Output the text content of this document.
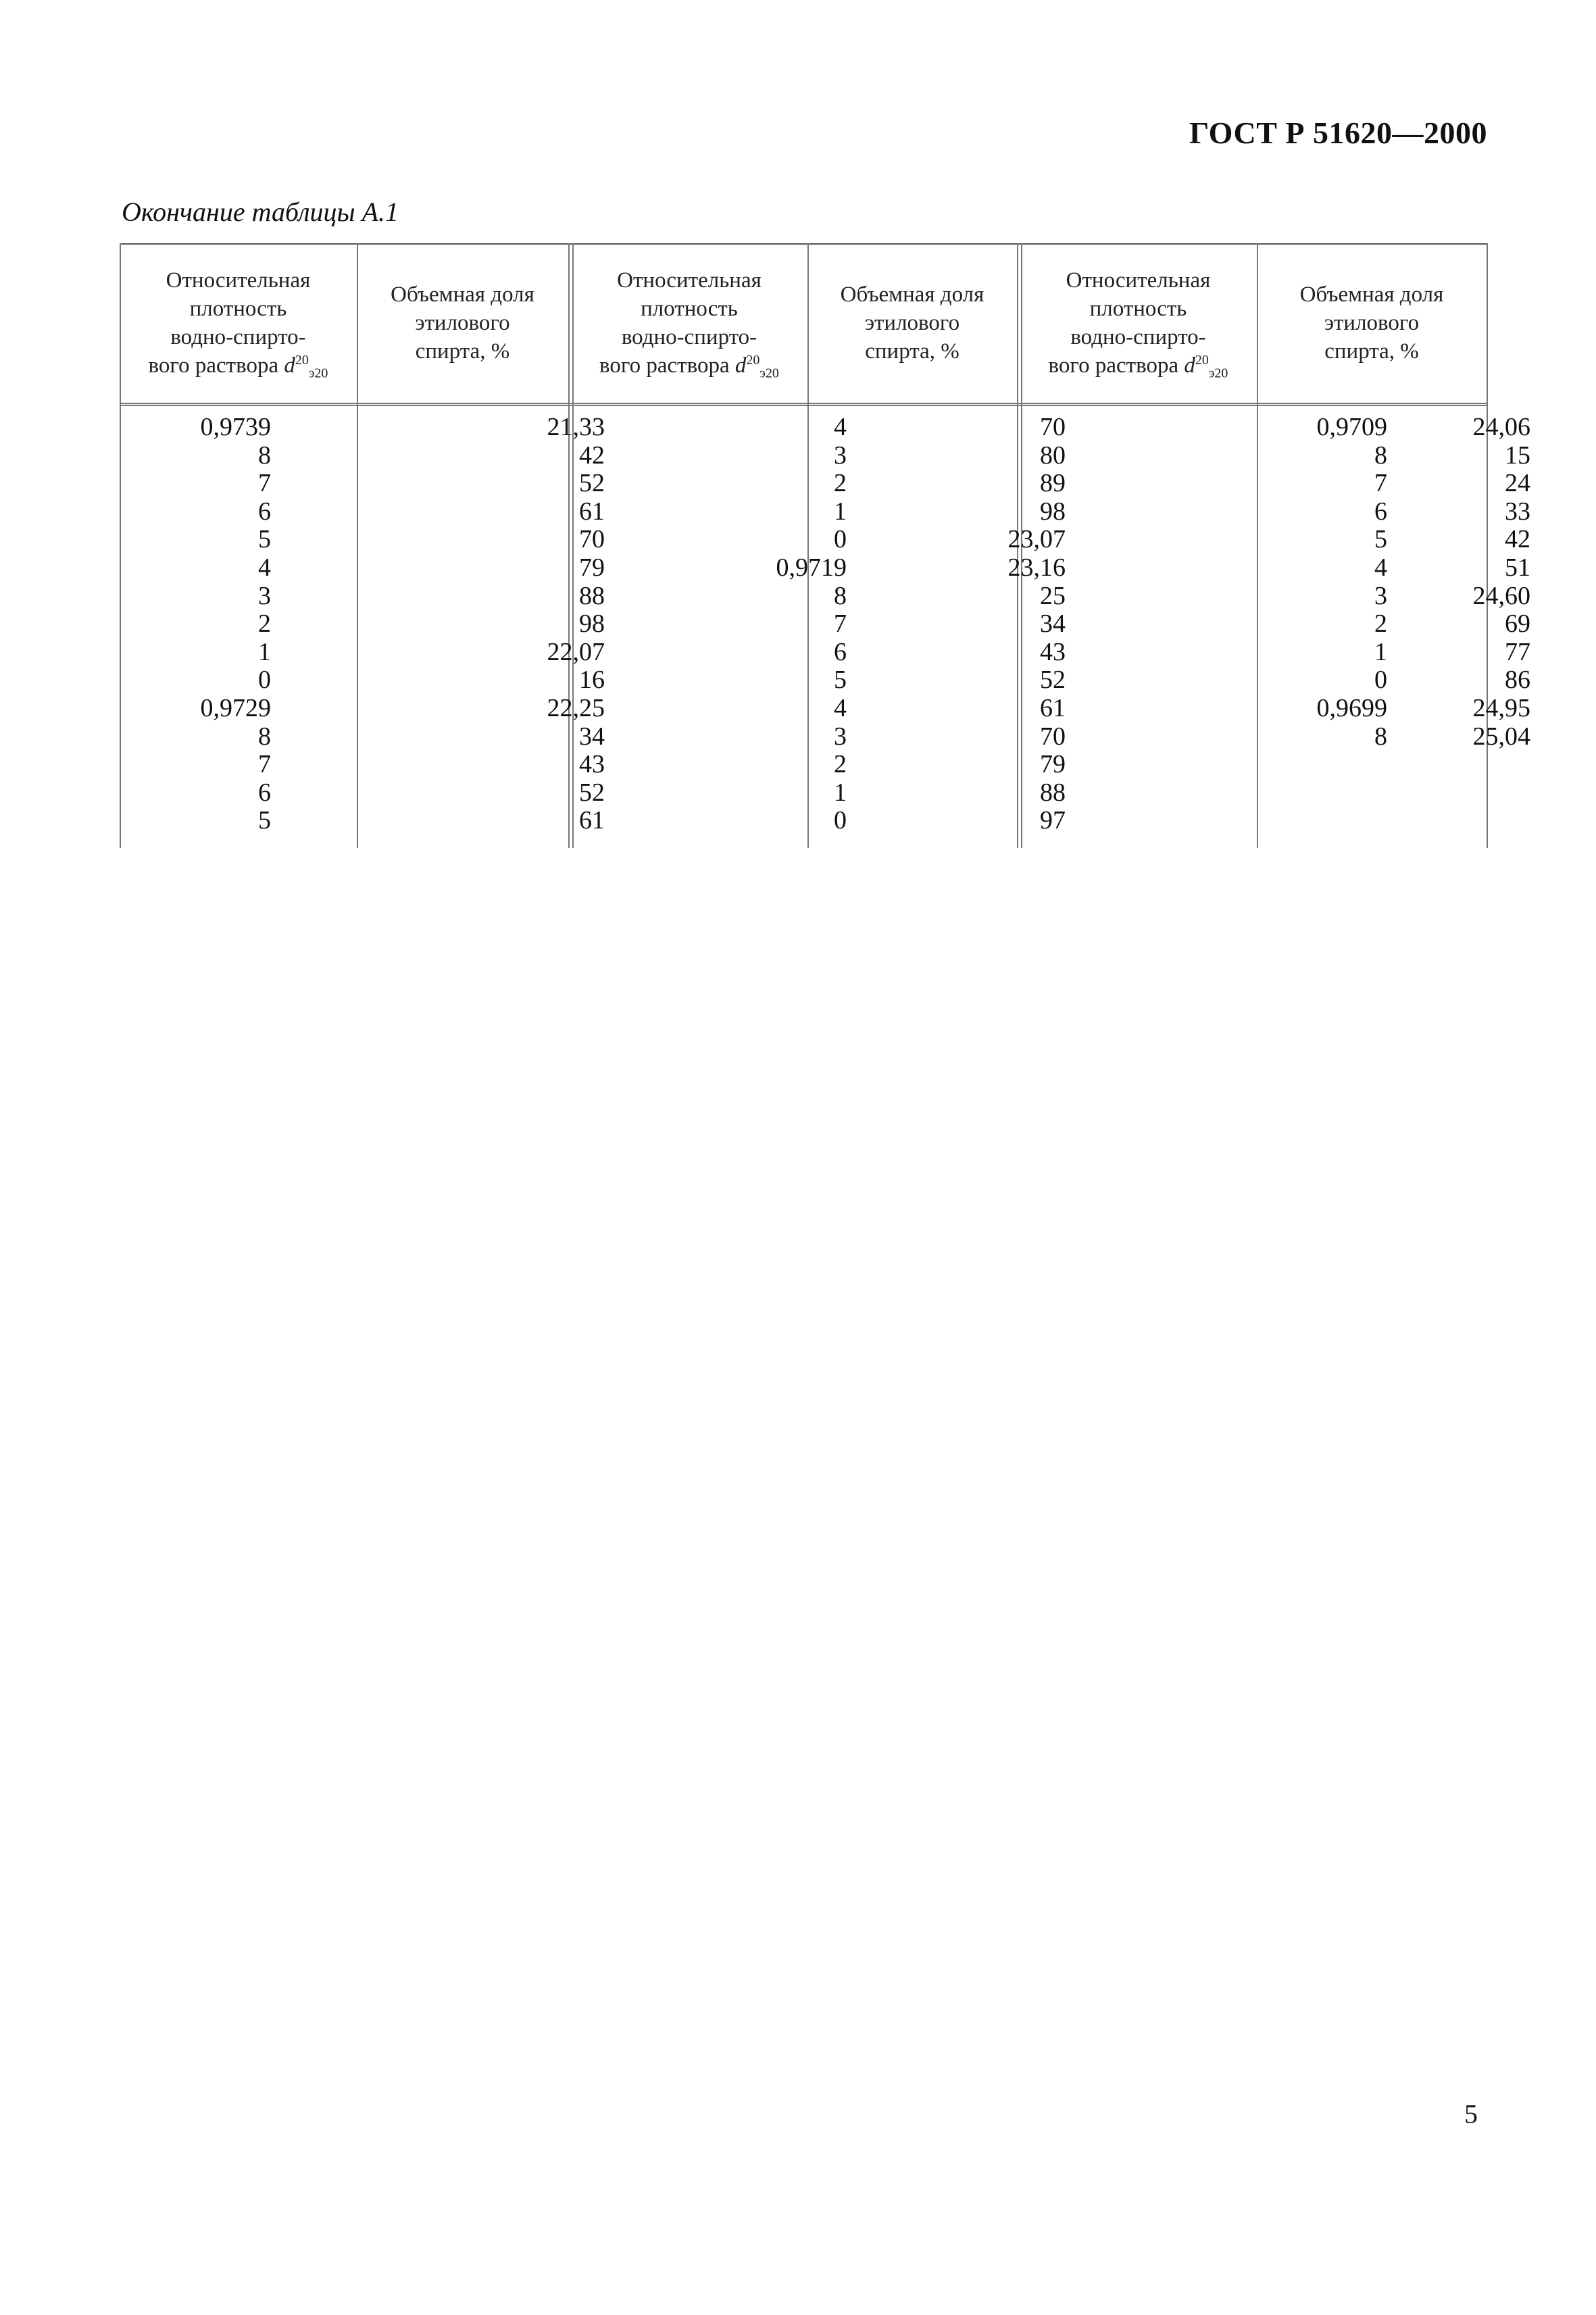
ГОСТ Р 51620—2000
Окончание таблицы А.1
Относительная
плотность
водно-спирто-
вого раствора $d^{20}_{э20}$
Объемная доля
этилового
спирта, %
Относительная
плотность
водно-спирто-
вого раствора $d^{20}_{э20}$
Объемная доля
этилового
спирта, %
Относительная
плотность
водно-спирто-
вого раствора $d^{20}_{э20}$
Объемная доля
этилового
спирта, %
0,9739
8
7
6
5
4
3
2
1
0
0,9729
8
7
6
5
21,33
42
52
61
70
79
88
98
22,07
16
22,25
34
43
52
61
4
3
2
1
0
0,9719
8
7
6
5
4
3
2
1
0
70
80
89
98
23,07
23,16
25
34
43
52
61
70
79
88
97
0,9709
8
7
6
5
4
3
2
1
0
0,9699
8
24,06
15
24
33
42
51
24,60
69
77
86
24,95
25,04
5
